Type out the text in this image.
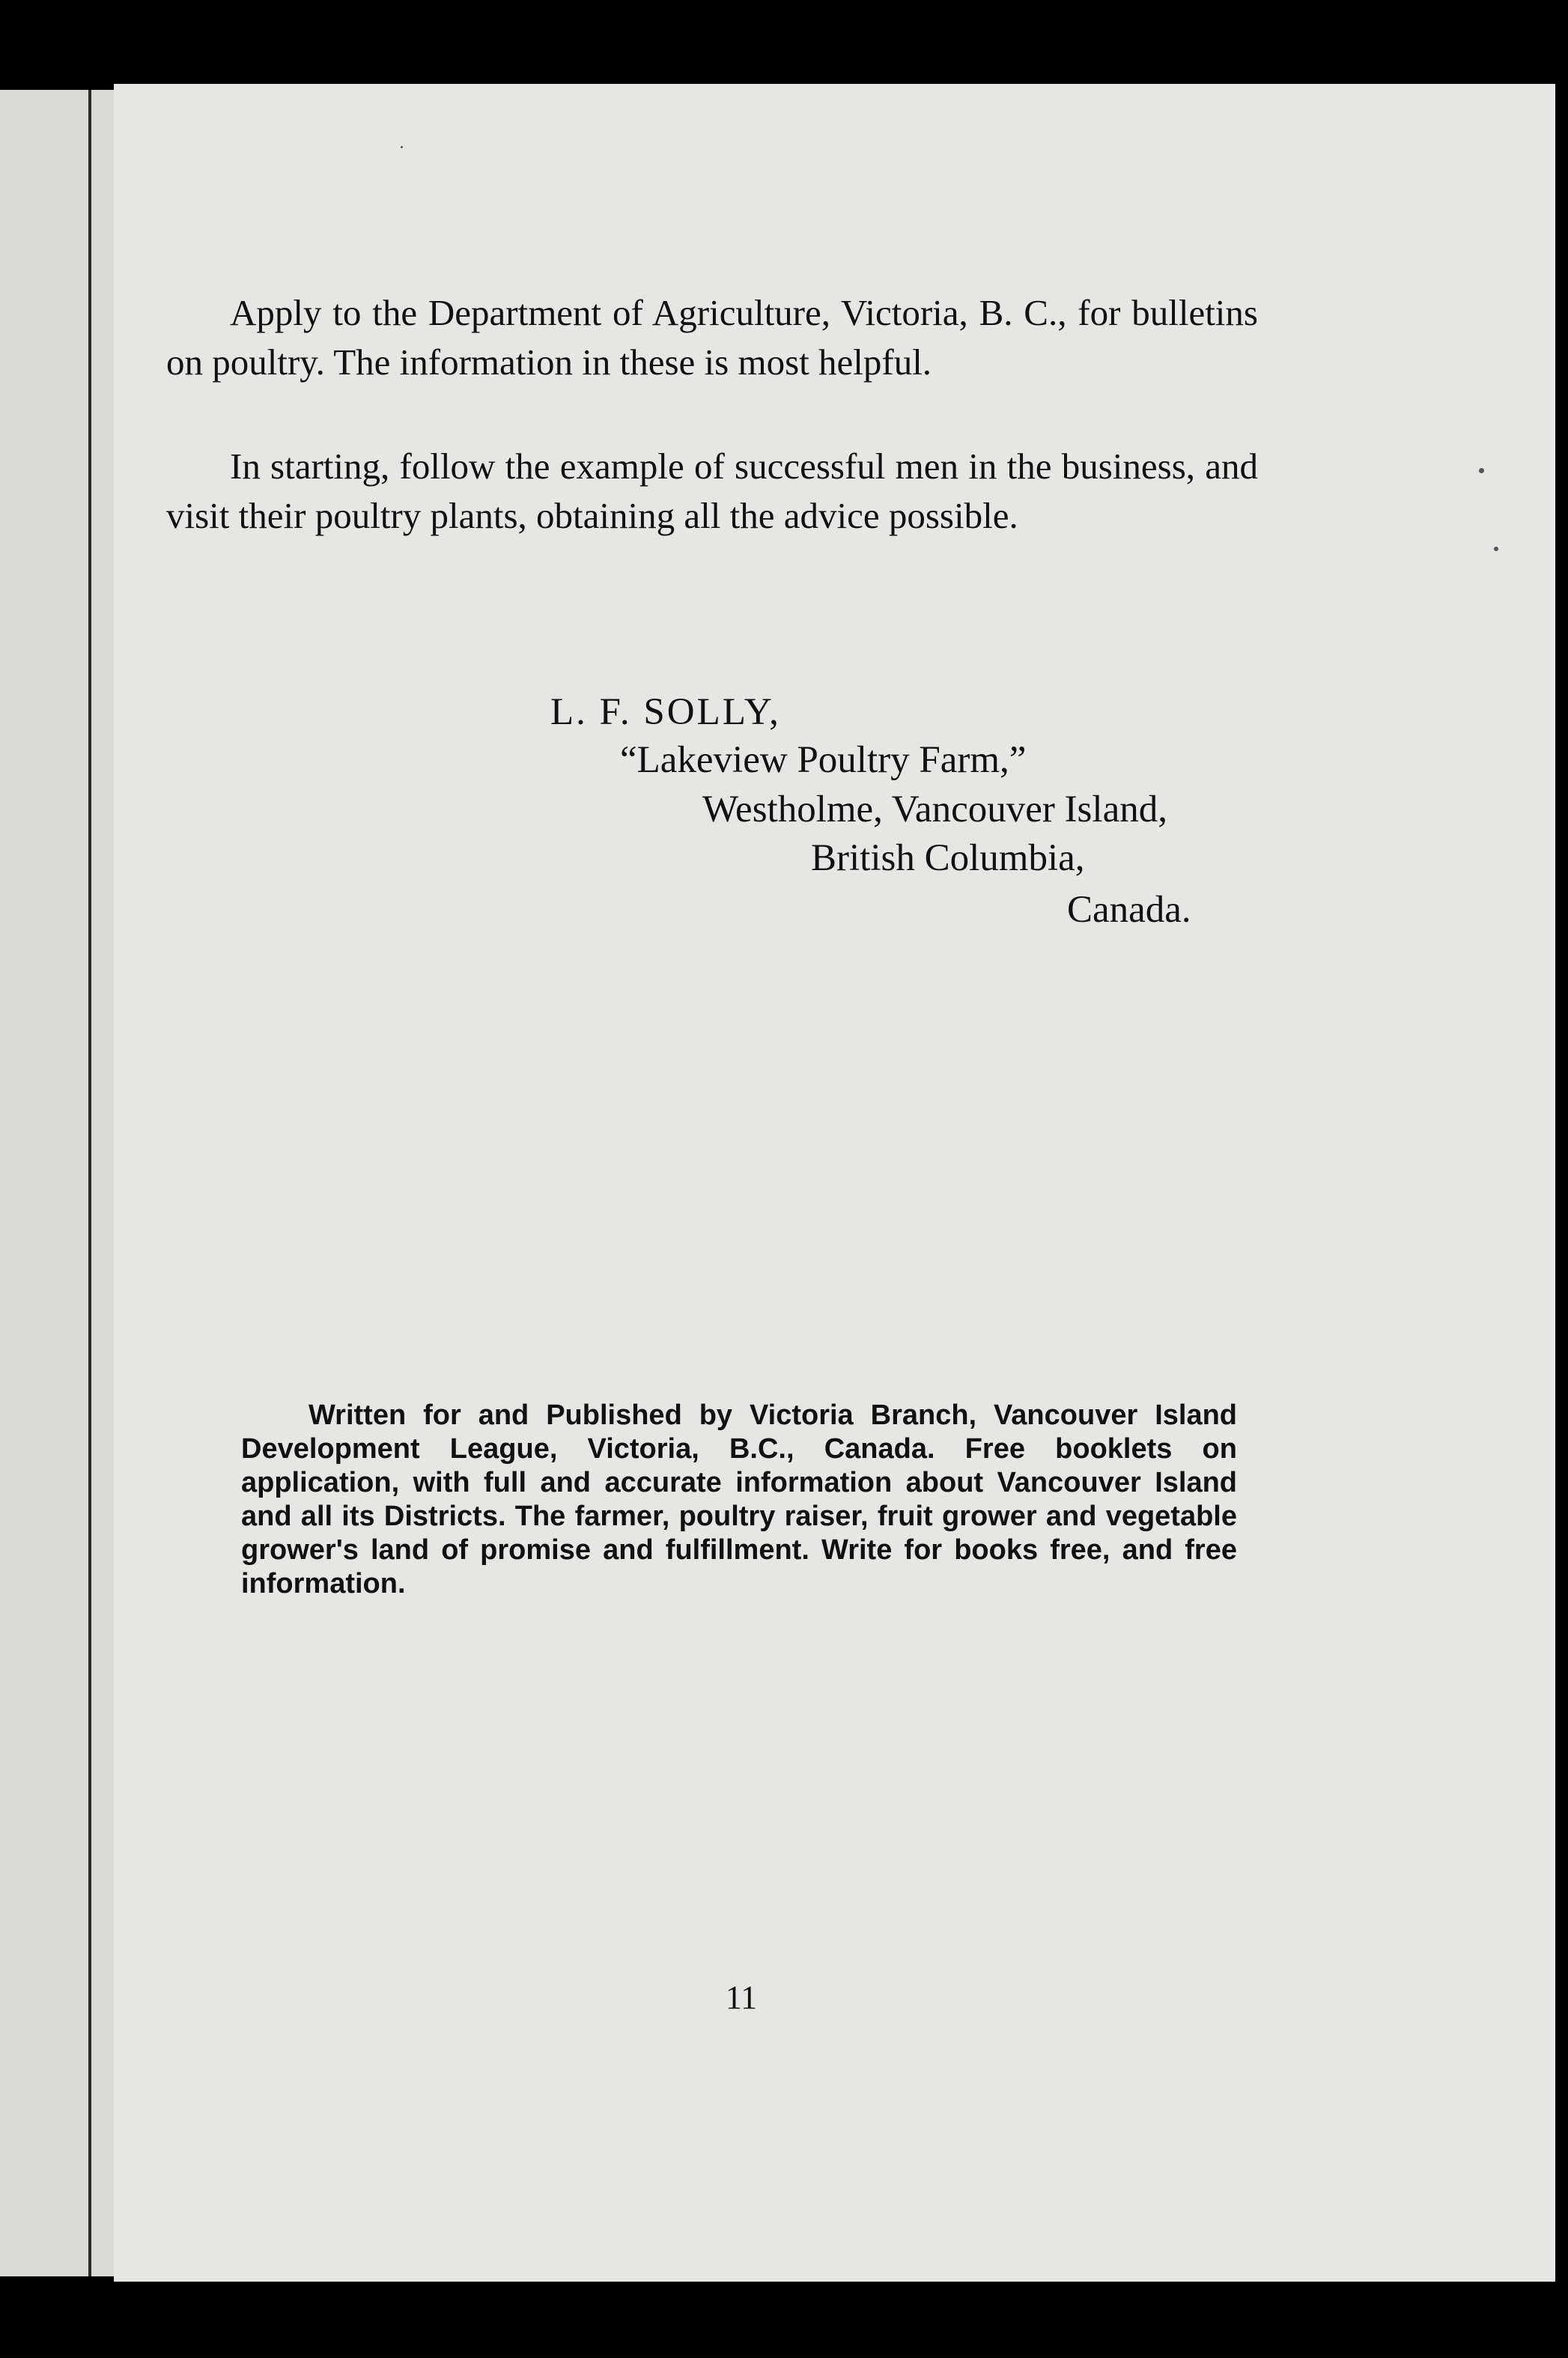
Apply to the Department of Agriculture, Victoria, B. C., for bulletins on poultry. The information in these is most helpful.

In starting, follow the example of successful men in the business, and visit their poultry plants, obtaining all the advice possible.

L. F. SOLLY,
“Lakeview Poultry Farm,”
Westholme, Vancouver Island,
British Columbia,
Canada.

Written for and Published by Victoria Branch, Vancouver Island Development League, Victoria, B.C., Canada. Free booklets on application, with full and accurate information about Vancouver Island and all its Districts. The farmer, poultry raiser, fruit grower and vegetable grower's land of promise and fulfillment. Write for books free, and free information.

11
